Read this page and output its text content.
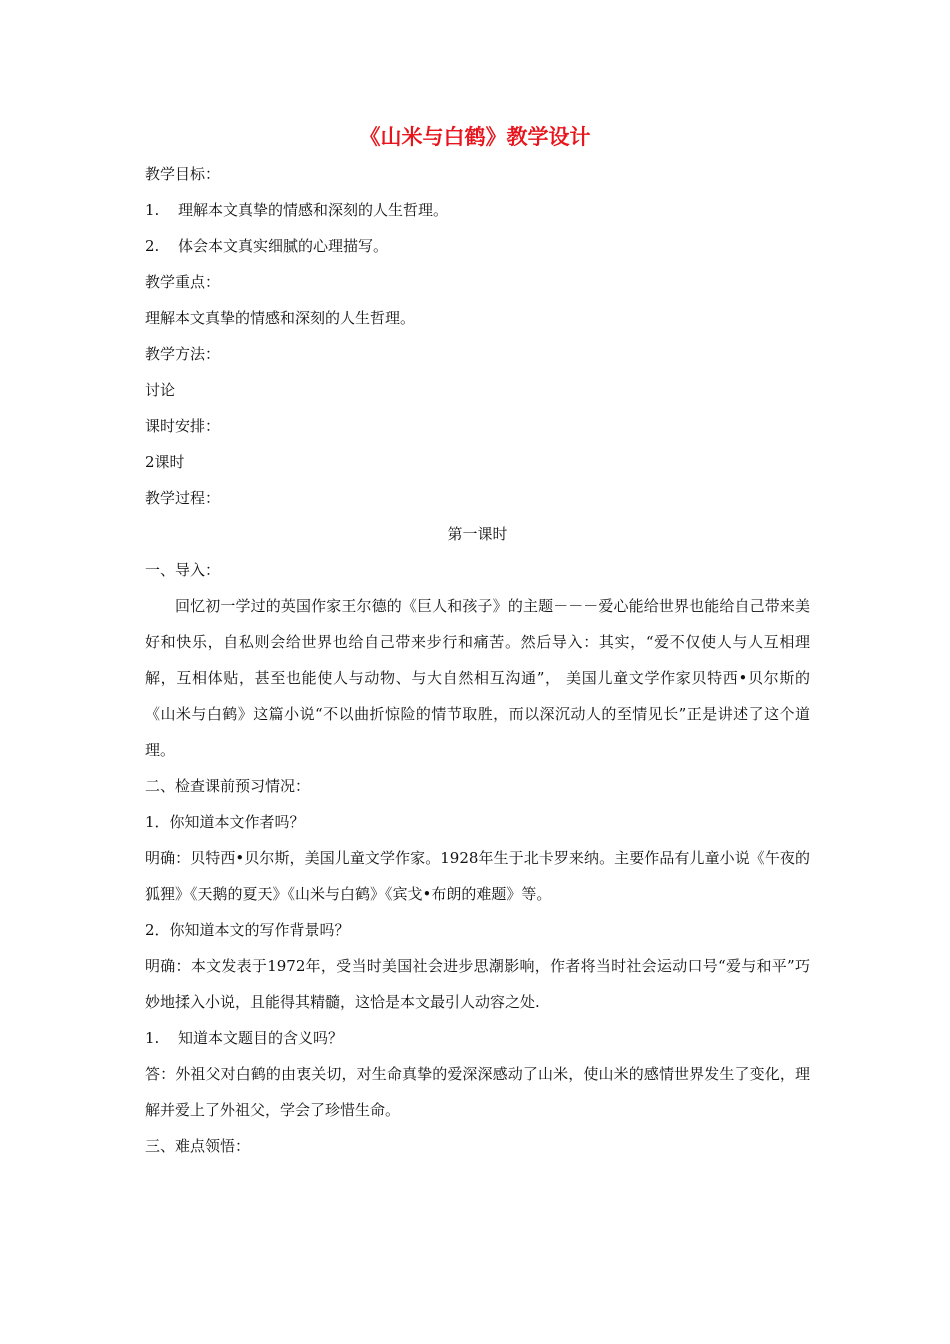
《山米与白鹤》教学设计
教学目标：
1. 理解本文真挚的情感和深刻的人生哲理。
2. 体会本文真实细腻的心理描写。
教学重点：
理解本文真挚的情感和深刻的人生哲理。
教学方法：
讨论
课时安排：
2课时
教学过程：
第一课时
一、导入：
回忆初一学过的英国作家王尔德的《巨人和孩子》的主题－－－爱心能给世界也能给自己带来美好和快乐，自私则会给世界也给自己带来步行和痛苦。然后导入：其实，“爱不仅使人与人互相理解，互相体贴，甚至也能使人与动物、与大自然相互沟通”， 美国儿童文学作家贝特西•贝尔斯的《山米与白鹤》这篇小说“不以曲折惊险的情节取胜，而以深沉动人的至情见长”正是讲述了这个道理。
二、检查课前预习情况：
1．你知道本文作者吗？
明确：贝特西•贝尔斯，美国儿童文学作家。1928年生于北卡罗来纳。主要作品有儿童小说《午夜的狐狸》《天鹅的夏天》《山米与白鹤》《宾戈•布朗的难题》等。
2．你知道本文的写作背景吗？
明确：本文发表于1972年，受当时美国社会进步思潮影响，作者将当时社会运动口号“爱与和平”巧妙地揉入小说，且能得其精髓，这恰是本文最引人动容之处.
1. 知道本文题目的含义吗？
答：外祖父对白鹤的由衷关切，对生命真挚的爱深深感动了山米，使山米的感情世界发生了变化，理解并爱上了外祖父，学会了珍惜生命。
三、难点领悟：
